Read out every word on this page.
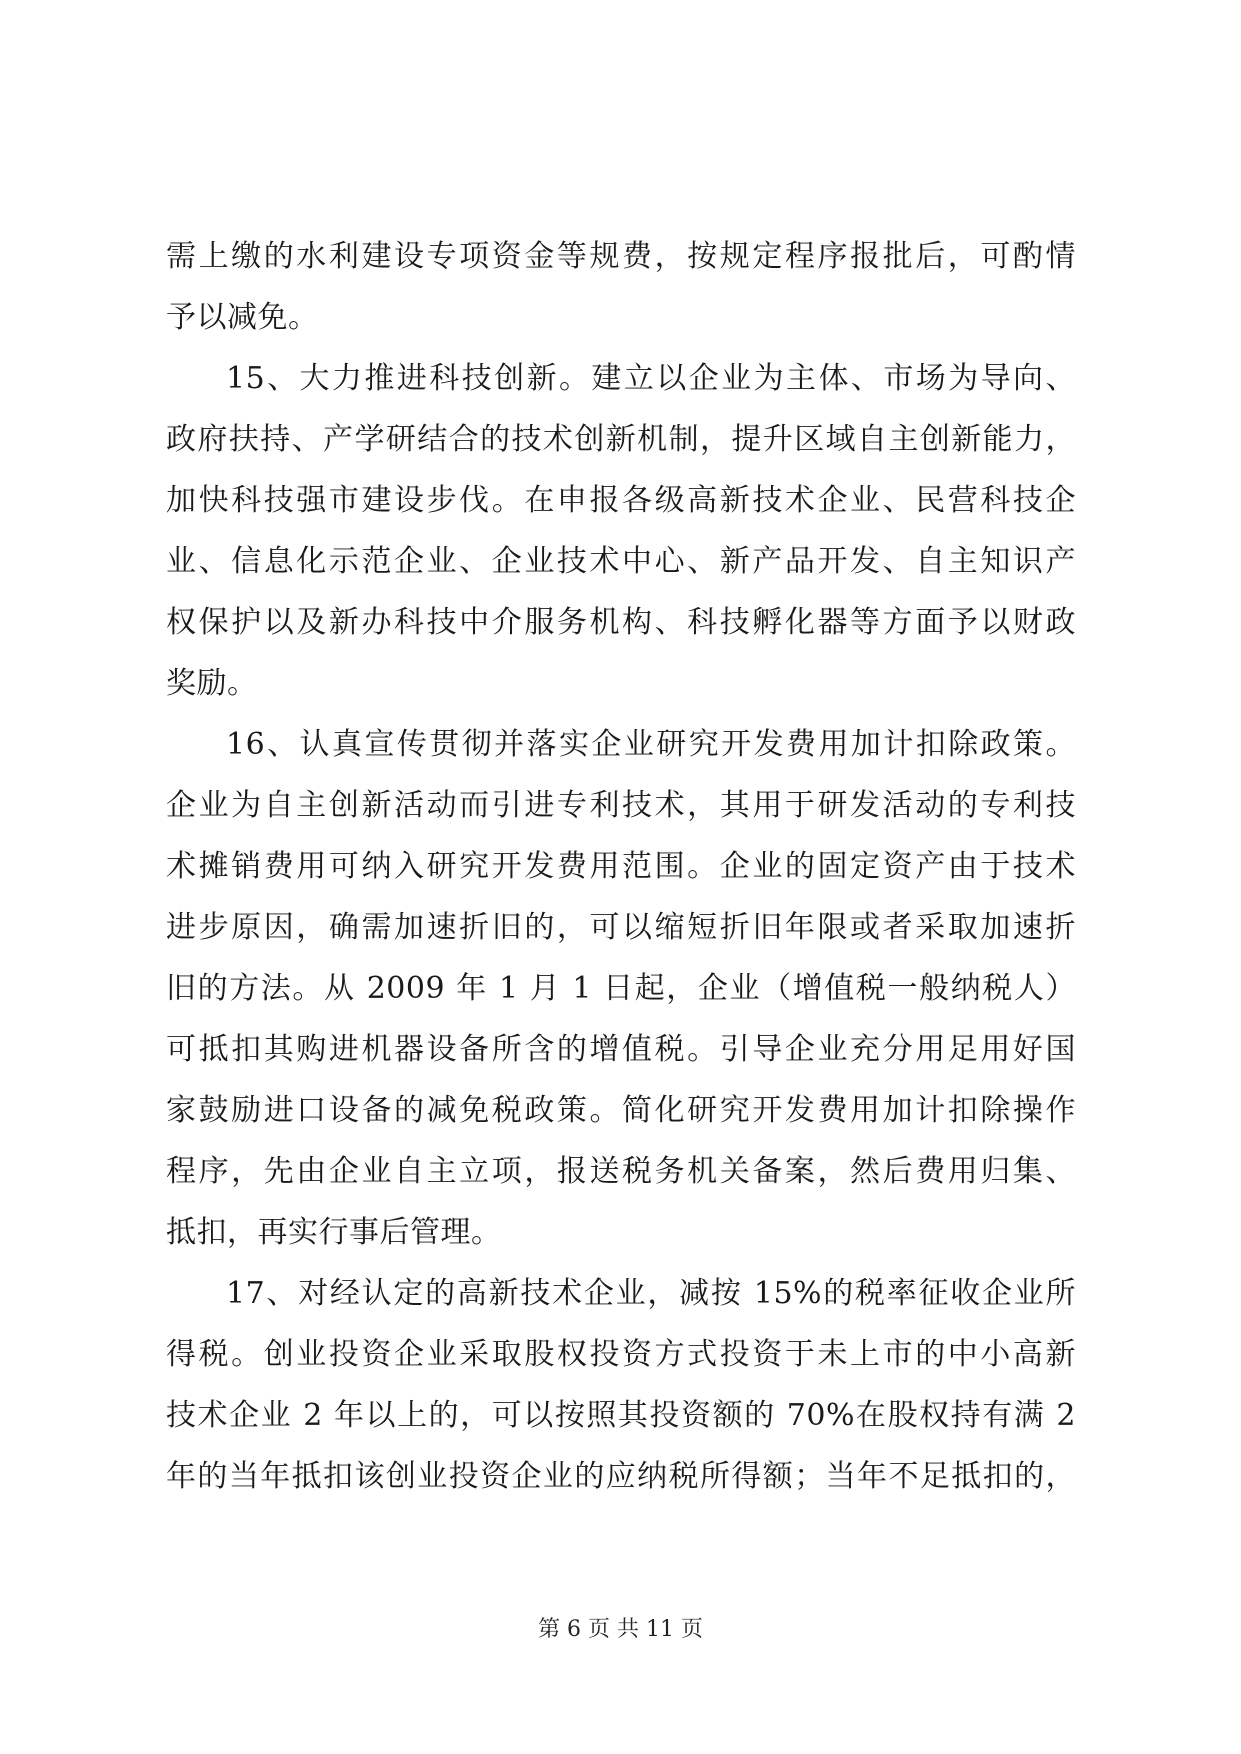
需上缴的水利建设专项资金等规费，按规定程序报批后，可酌情
予以减免。
15、大力推进科技创新。建立以企业为主体、市场为导向、
政府扶持、产学研结合的技术创新机制，提升区域自主创新能力，
加快科技强市建设步伐。在申报各级高新技术企业、民营科技企
业、信息化示范企业、企业技术中心、新产品开发、自主知识产
权保护以及新办科技中介服务机构、科技孵化器等方面予以财政
奖励。
16、认真宣传贯彻并落实企业研究开发费用加计扣除政策。
企业为自主创新活动而引进专利技术，其用于研发活动的专利技
术摊销费用可纳入研究开发费用范围。企业的固定资产由于技术
进步原因，确需加速折旧的，可以缩短折旧年限或者采取加速折
旧的方法。从 2009 年 1 月 1 日起，企业（增值税一般纳税人）
可抵扣其购进机器设备所含的增值税。引导企业充分用足用好国
家鼓励进口设备的减免税政策。简化研究开发费用加计扣除操作
程序，先由企业自主立项，报送税务机关备案，然后费用归集、
抵扣，再实行事后管理。
17、对经认定的高新技术企业，减按 15%的税率征收企业所
得税。创业投资企业采取股权投资方式投资于未上市的中小高新
技术企业 2 年以上的，可以按照其投资额的 70%在股权持有满 2
年的当年抵扣该创业投资企业的应纳税所得额；当年不足抵扣的，
第 6 页 共 11 页
